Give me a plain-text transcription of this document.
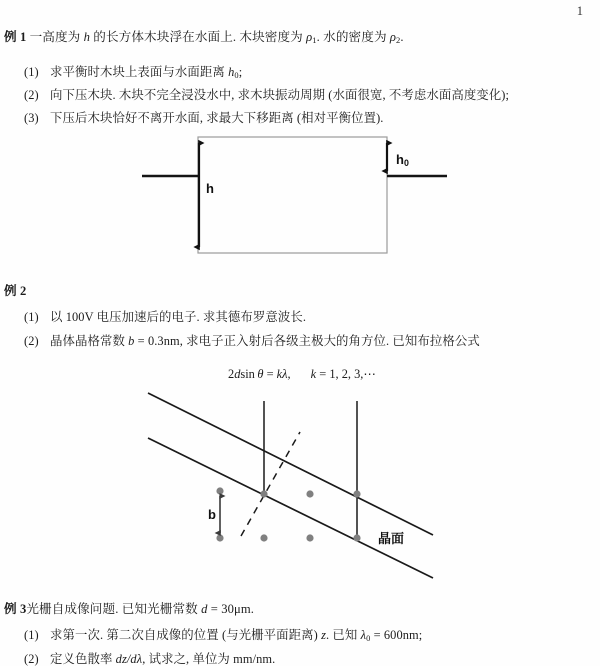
1
例 1 一高度为 h 的长方体木块浮在水面上. 木块密度为 $\rho_1$. 水的密度为 $\rho_2$.
(1) 求平衡时木块上表面与水面距离 $h_0$;
(2) 向下压木块. 木块不完全浸没水中, 求木块振动周期 (水面很宽, 不考虑水面高度变化);
(3) 下压后木块恰好不离开水面, 求最大下移距离 (相对平衡位置).
h
$h_0$
例 2
(1) 以 100V 电压加速后的电子. 求其德布罗意波长.
(2) 晶体晶格常数 b = 0.3nm, 求电子正入射后各级主极大的角方位. 已知布拉格公式
2dsin  θ = kλ, k = 1, 2, 3,⋯
b
晶面
例 3光栅自成像问题. 已知光栅常数 d = 30μm.
(1) 求第一次. 第二次自成像的位置 (与光栅平面距离) z. 已知 $\lambda_0 = 600nm$;
(2) 定义色散率 dz/dλ, 试求之, 单位为 mm/nm.
